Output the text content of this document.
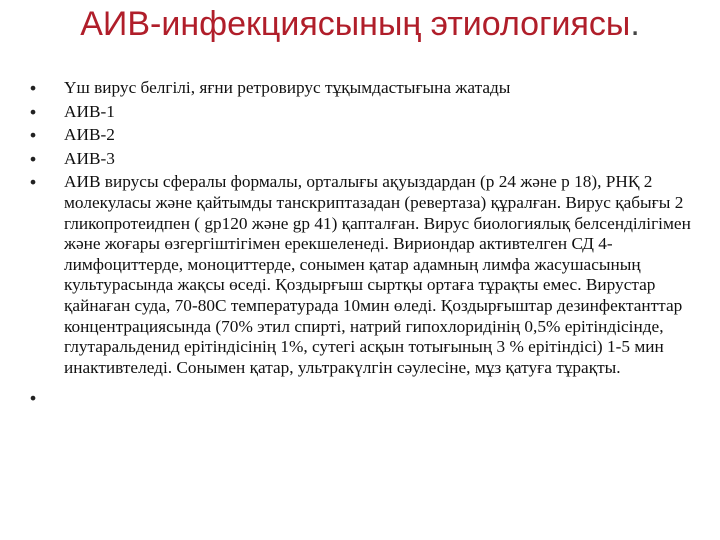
АИВ-инфекциясының этиологиясы.
•	Үш вирус белгілі, яғни ретровирус тұқымдастығына жатады
•	АИВ-1
•	АИВ-2
•	АИВ-3
•	АИВ вирусы сфералы формалы, орталығы ақуыздардан (р 24 және р 18), РНҚ 2 молекуласы және қайтымды танскриптазадан (ревертаза) құралған. Вирус қабығы 2 гликопротеидпен ( gp120 және gp 41) қапталған. Вирус биологиялық белсенділігімен және жоғары өзгергіштігімен ерекшеленеді. Вириондар активтелген СД 4-лимфоциттерде, моноциттерде, сонымен қатар адамның лимфа жасушасының культурасында жақсы өседі. Қоздырғыш сыртқы ортаға тұрақты емес. Вирустар қайнаған суда, 70-80С температурада 10мин өледі. Қоздырғыштар дезинфектанттар концентрациясында (70% этил спирті, натрий гипохлоридінің 0,5% ерітіндісінде, глутаральденид ерітіндісінің 1%, сутегі асқын тотығының 3 % ерітіндісі) 1-5 мин инактивтеледі. Сонымен қатар, ультракүлгін сәулесіне, мұз қатуға тұрақты.
•
